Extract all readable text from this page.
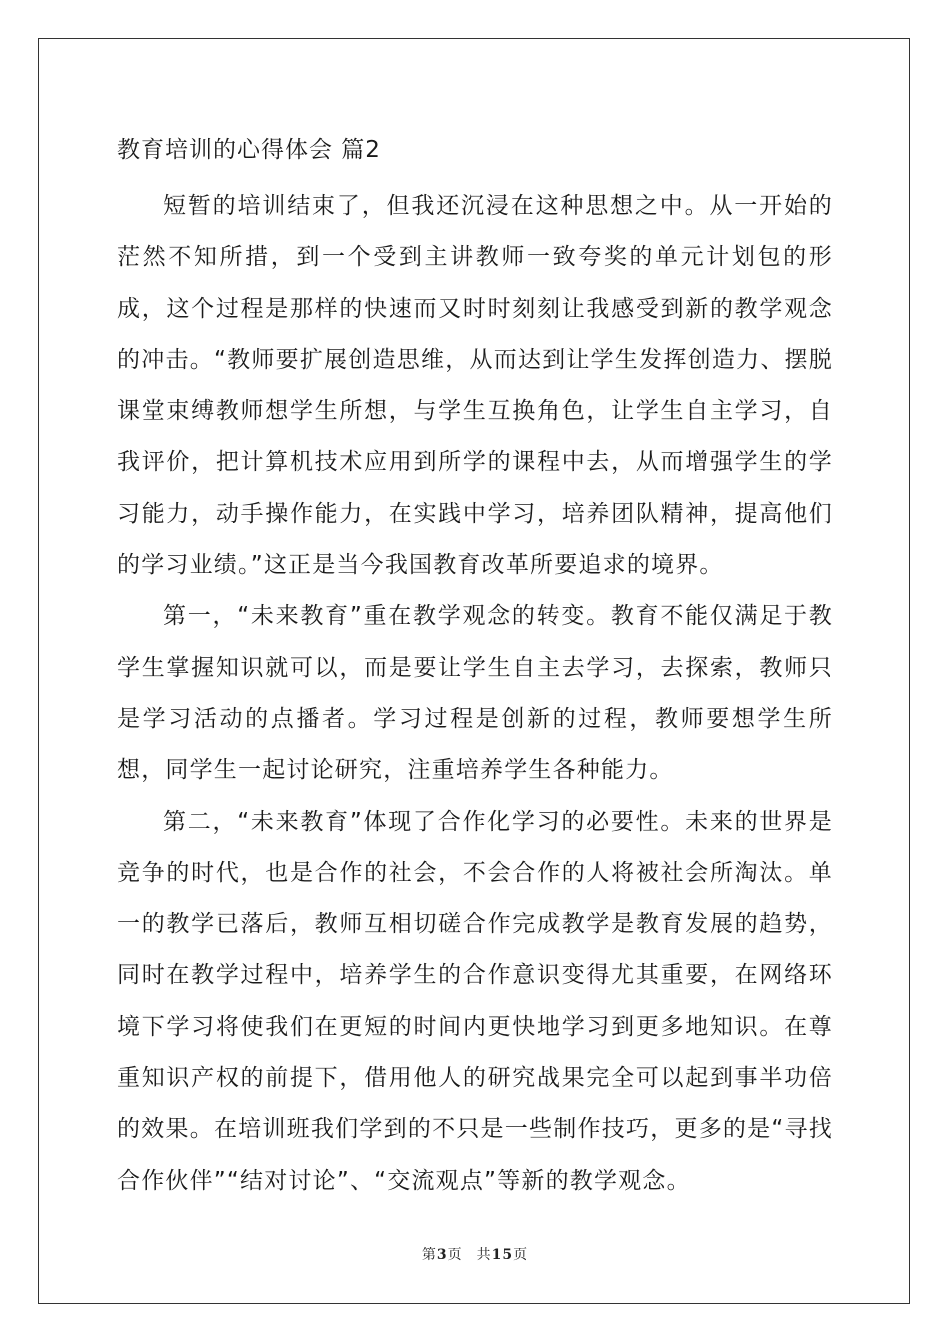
教育培训的心得体会 篇2

短暂的培训结束了，但我还沉浸在这种思想之中。从一开始的茫然不知所措，到一个受到主讲教师一致夸奖的单元计划包的形成，这个过程是那样的快速而又时时刻刻让我感受到新的教学观念的冲击。“教师要扩展创造思维，从而达到让学生发挥创造力、摆脱课堂束缚教师想学生所想，与学生互换角色，让学生自主学习，自我评价，把计算机技术应用到所学的课程中去，从而增强学生的学习能力，动手操作能力，在实践中学习，培养团队精神，提高他们的学习业绩。”这正是当今我国教育改革所要追求的境界。

第一，“未来教育”重在教学观念的转变。教育不能仅满足于教学生掌握知识就可以，而是要让学生自主去学习，去探索，教师只是学习活动的点播者。学习过程是创新的过程，教师要想学生所想，同学生一起讨论研究，注重培养学生各种能力。

第二，“未来教育”体现了合作化学习的必要性。未来的世界是竞争的时代，也是合作的社会，不会合作的人将被社会所淘汰。单一的教学已落后，教师互相切磋合作完成教学是教育发展的趋势，同时在教学过程中，培养学生的合作意识变得尤其重要，在网络环境下学习将使我们在更短的时间内更快地学习到更多地知识。在尊重知识产权的前提下，借用他人的研究战果完全可以起到事半功倍的效果。在培训班我们学到的不只是一些制作技巧，更多的是“寻找合作伙伴”“结对讨论”、“交流观点”等新的教学观念。

第3页 共15页
